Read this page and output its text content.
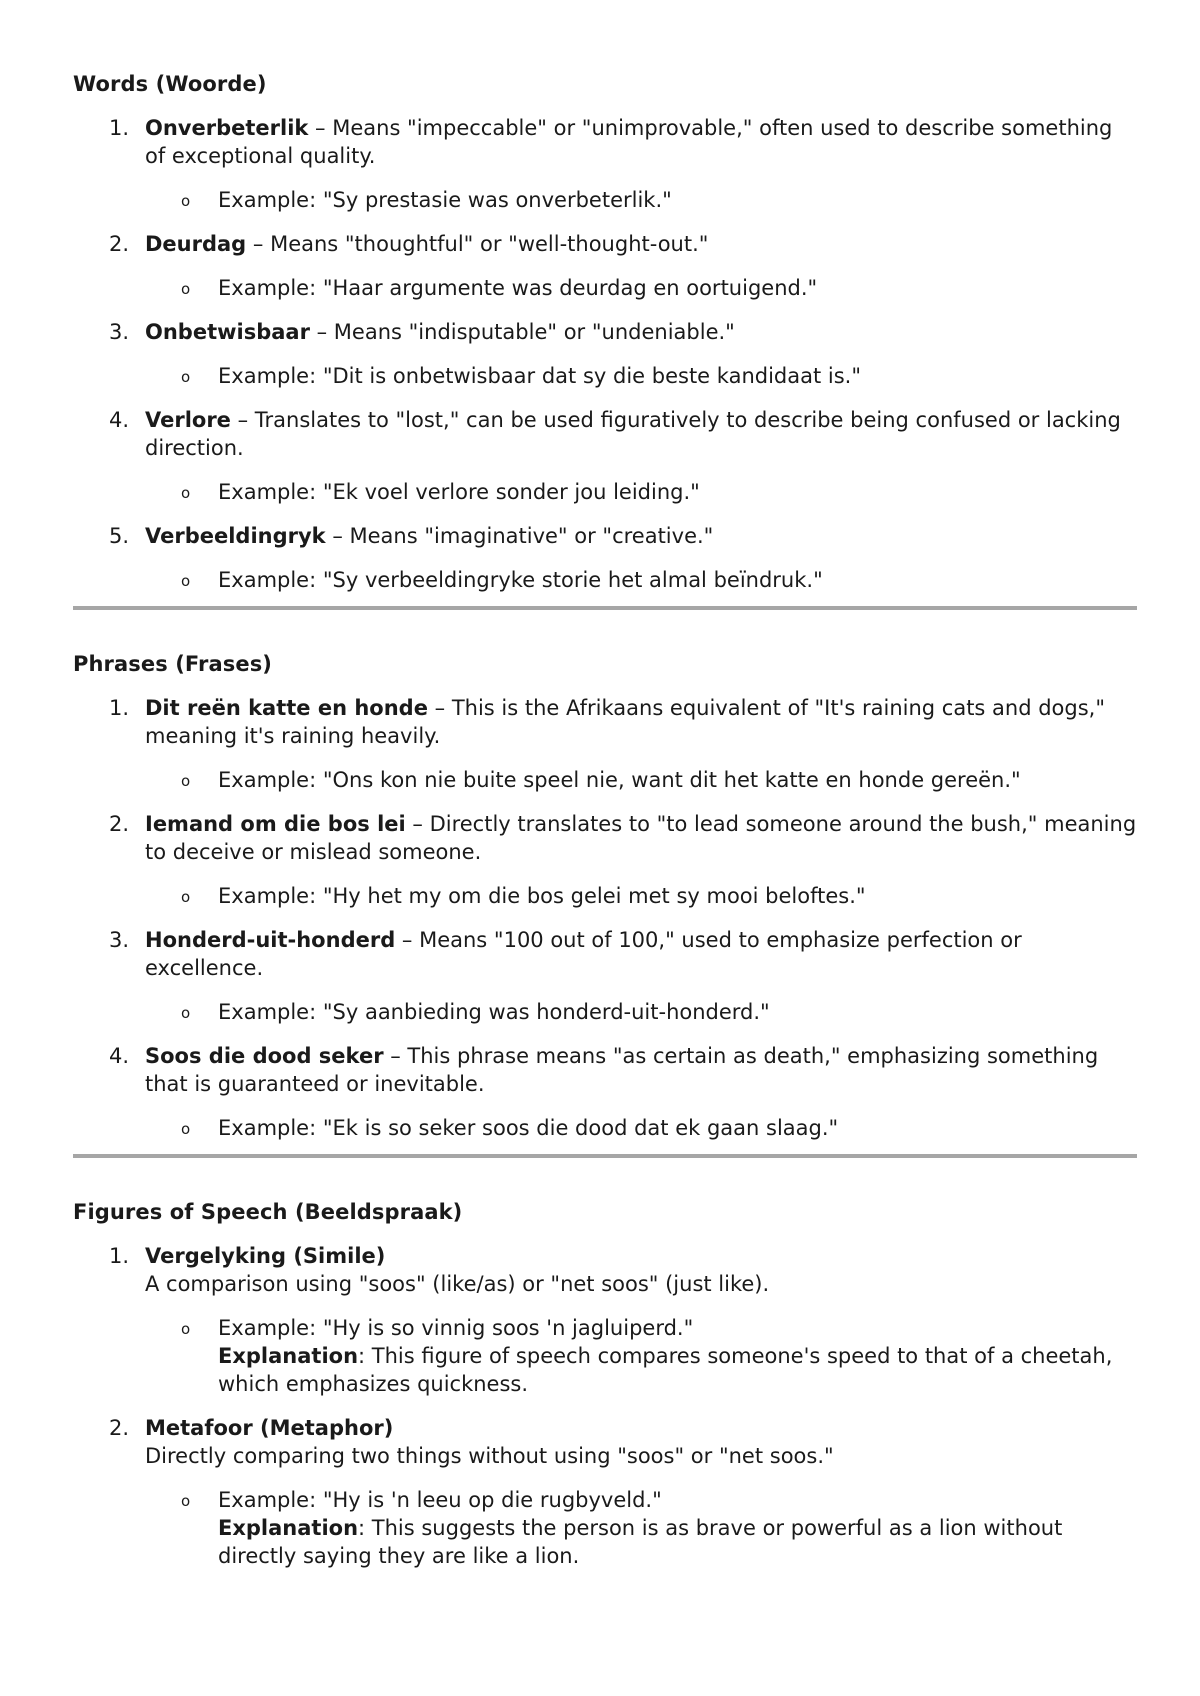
Words (Woorde)
1. Onverbeterlik – Means "impeccable" or "unimprovable," often used to describe something of exceptional quality.
o Example: "Sy prestasie was onverbeterlik."
2. Deurdag – Means "thoughtful" or "well-thought-out."
o Example: "Haar argumente was deurdag en oortuigend."
3. Onbetwisbaar – Means "indisputable" or "undeniable."
o Example: "Dit is onbetwisbaar dat sy die beste kandidaat is."
4. Verlore – Translates to "lost," can be used figuratively to describe being confused or lacking direction.
o Example: "Ek voel verlore sonder jou leiding."
5. Verbeeldingryk – Means "imaginative" or "creative."
o Example: "Sy verbeeldingryke storie het almal beïndruk."
Phrases (Frases)
1. Dit reën katte en honde – This is the Afrikaans equivalent of "It's raining cats and dogs," meaning it's raining heavily.
o Example: "Ons kon nie buite speel nie, want dit het katte en honde gereën."
2. Iemand om die bos lei – Directly translates to "to lead someone around the bush," meaning to deceive or mislead someone.
o Example: "Hy het my om die bos gelei met sy mooi beloftes."
3. Honderd-uit-honderd – Means "100 out of 100," used to emphasize perfection or excellence.
o Example: "Sy aanbieding was honderd-uit-honderd."
4. Soos die dood seker – This phrase means "as certain as death," emphasizing something that is guaranteed or inevitable.
o Example: "Ek is so seker soos die dood dat ek gaan slaag."
Figures of Speech (Beeldspraak)
1. Vergelyking (Simile)
A comparison using "soos" (like/as) or "net soos" (just like).
o Example: "Hy is so vinnig soos 'n jagluiperd."
Explanation: This figure of speech compares someone's speed to that of a cheetah, which emphasizes quickness.
2. Metafoor (Metaphor)
Directly comparing two things without using "soos" or "net soos."
o Example: "Hy is 'n leeu op die rugbyveld."
Explanation: This suggests the person is as brave or powerful as a lion without directly saying they are like a lion.
